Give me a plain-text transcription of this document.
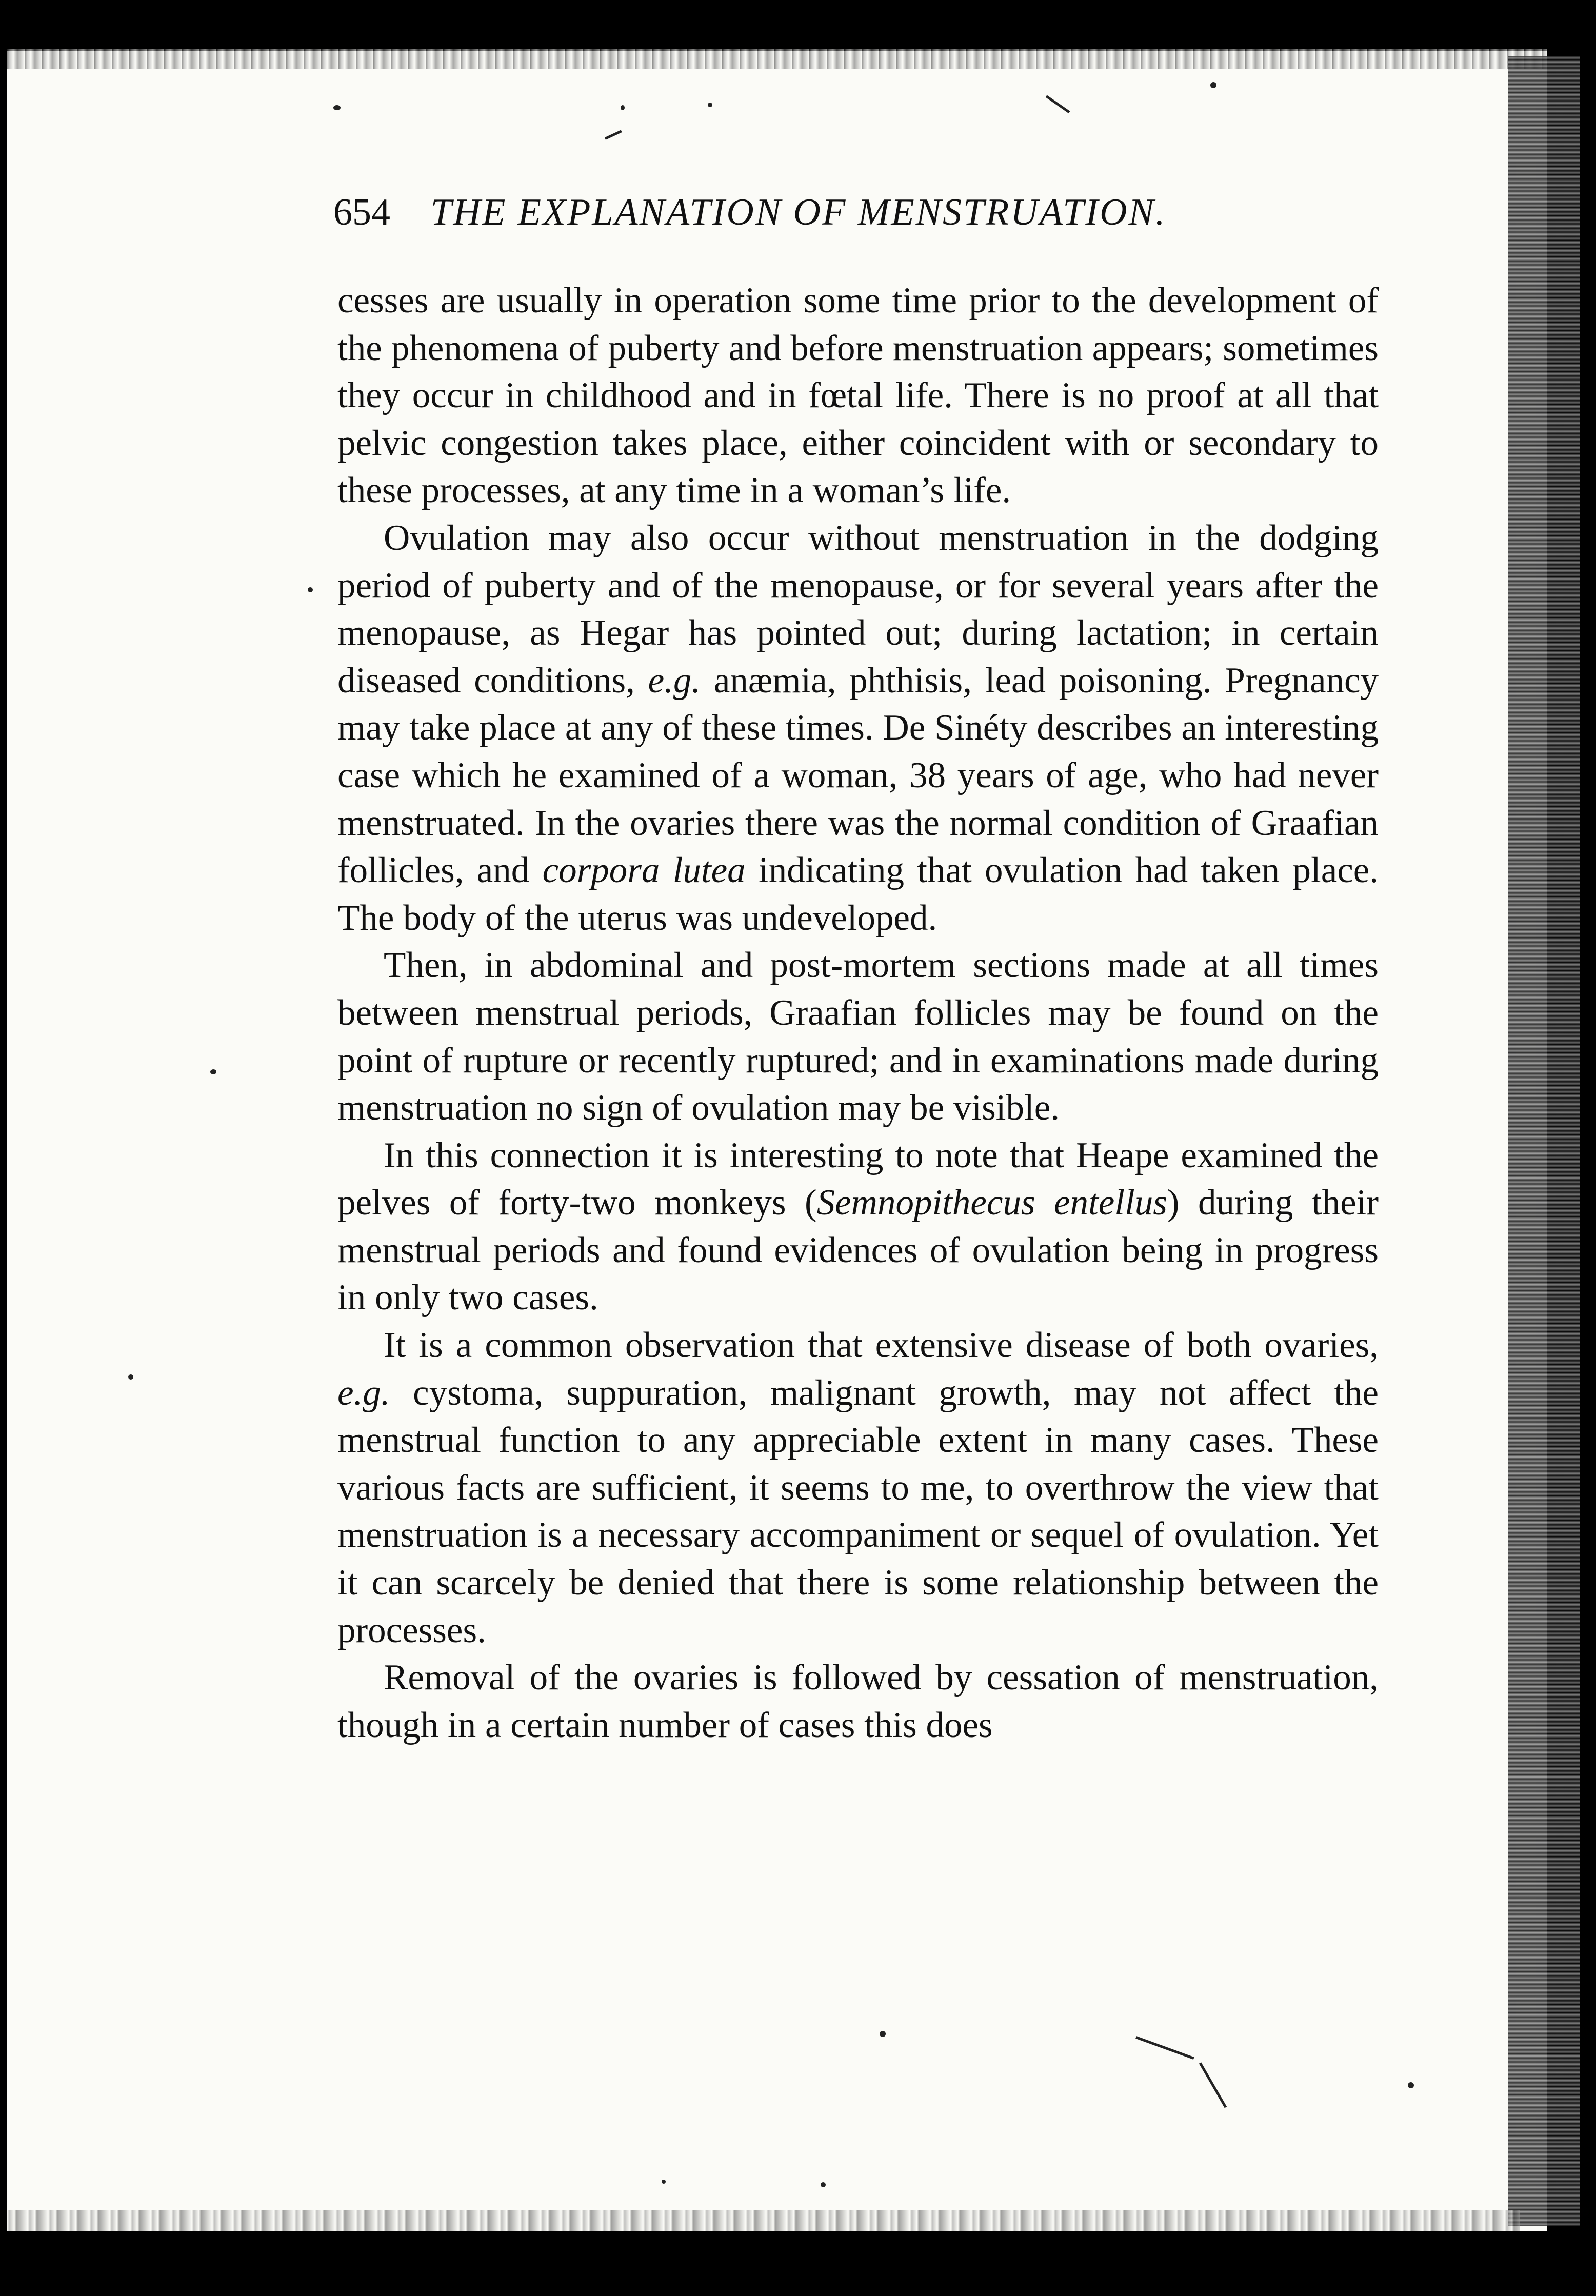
654 THE EXPLANATION OF MENSTRUATION.

cesses are usually in operation some time prior to the development of the phenomena of puberty and before menstruation appears; sometimes they occur in childhood and in fœtal life. There is no proof at all that pelvic congestion takes place, either coincident with or secondary to these processes, at any time in a woman’s life.

Ovulation may also occur without menstruation in the dodging period of puberty and of the menopause, or for several years after the menopause, as Hegar has pointed out; during lactation; in certain diseased conditions, e.g. anæmia, phthisis, lead poisoning. Pregnancy may take place at any of these times. De Sinéty describes an interesting case which he examined of a woman, 38 years of age, who had never menstruated. In the ovaries there was the normal condition of Graafian follicles, and corpora lutea indicating that ovulation had taken place. The body of the uterus was undeveloped.

Then, in abdominal and post-mortem sections made at all times between menstrual periods, Graafian follicles may be found on the point of rupture or recently ruptured; and in examinations made during menstruation no sign of ovulation may be visible.

In this connection it is interesting to note that Heape examined the pelves of forty-two monkeys (Semnopithecus entellus) during their menstrual periods and found evidences of ovulation being in progress in only two cases.

It is a common observation that extensive disease of both ovaries, e.g. cystoma, suppuration, malignant growth, may not affect the menstrual function to any appreciable extent in many cases. These various facts are sufficient, it seems to me, to overthrow the view that menstruation is a necessary accompaniment or sequel of ovulation. Yet it can scarcely be denied that there is some relationship between the processes.

Removal of the ovaries is followed by cessation of menstruation, though in a certain number of cases this does
